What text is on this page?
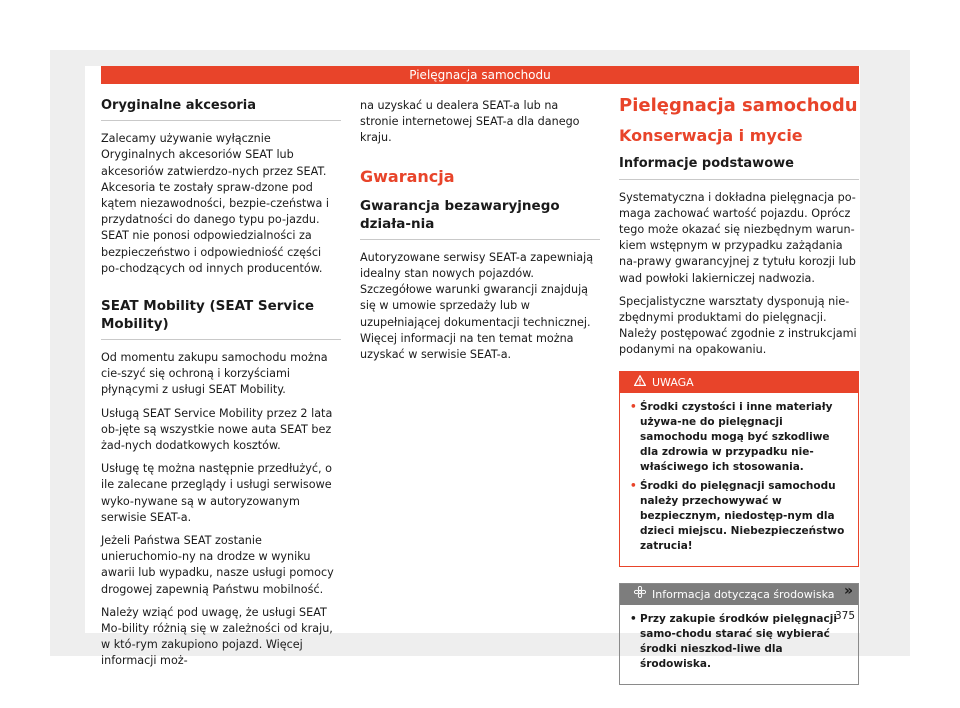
Pielęgnacja samochodu
Oryginalne akcesoria

Zalecamy używanie wyłącznie Oryginalnych akcesoriów SEAT lub akcesoriów zatwierdzo-nych przez SEAT. Akcesoria te zostały spraw-dzone pod kątem niezawodności, bezpie-czeństwa i przydatności do danego typu po-jazdu. SEAT nie ponosi odpowiedzialności za bezpieczeństwo i odpowiedniość części po-chodzących od innych producentów.

SEAT Mobility (SEAT Service Mobility)

Od momentu zakupu samochodu można cie-szyć się ochroną i korzyściami płynącymi z usługi SEAT Mobility.

Usługą SEAT Service Mobility przez 2 lata ob-jęte są wszystkie nowe auta SEAT bez żad-nych dodatkowych kosztów.

Usługę tę można następnie przedłużyć, o ile zalecane przeglądy i usługi serwisowe wyko-nywane są w autoryzowanym serwisie SEAT-a.

Jeżeli Państwa SEAT zostanie unieruchomio-ny na drodze w wyniku awarii lub wypadku, nasze usługi pomocy drogowej zapewnią Państwu mobilność.

Należy wziąć pod uwagę, że usługi SEAT Mo-bility różnią się w zależności od kraju, w któ-rym zakupiono pojazd. Więcej informacji moż-

na uzyskać u dealera SEAT-a lub na stronie internetowej SEAT-a dla danego kraju.

Gwarancja
Gwarancja bezawaryjnego działa-nia

Autoryzowane serwisy SEAT-a zapewniają idealny stan nowych pojazdów. Szczegółowe warunki gwarancji znajdują się w umowie sprzedaży lub w uzupełniającej dokumentacji technicznej. Więcej informacji na ten temat można uzyskać w serwisie SEAT-a.

Pielęgnacja samochodu
Konserwacja i mycie
Informacje podstawowe

Systematyczna i dokładna pielęgnacja po-maga zachować wartość pojazdu. Oprócz tego może okazać się niezbędnym warun-kiem wstępnym w przypadku zażądania na-prawy gwarancyjnej z tytułu korozji lub wad powłoki lakierniczej nadwozia.

Specjalistyczne warsztaty dysponują nie-zbędnymi produktami do pielęgnacji. Należy postępować zgodnie z instrukcjami podanymi na opakowaniu.

UWAGA
• Środki czystości i inne materiały używa-ne do pielęgnacji samochodu mogą być szkodliwe dla zdrowia w przypadku nie-właściwego ich stosowania.
• Środki do pielęgnacji samochodu należy przechowywać w bezpiecznym, niedostęp-nym dla dzieci miejscu. Niebezpieczeństwo zatrucia!
Informacja dotycząca środowiska
• Przy zakupie środków pielęgnacji samo-chodu starać się wybierać środki nieszkod-liwe dla środowiska.
»
375
